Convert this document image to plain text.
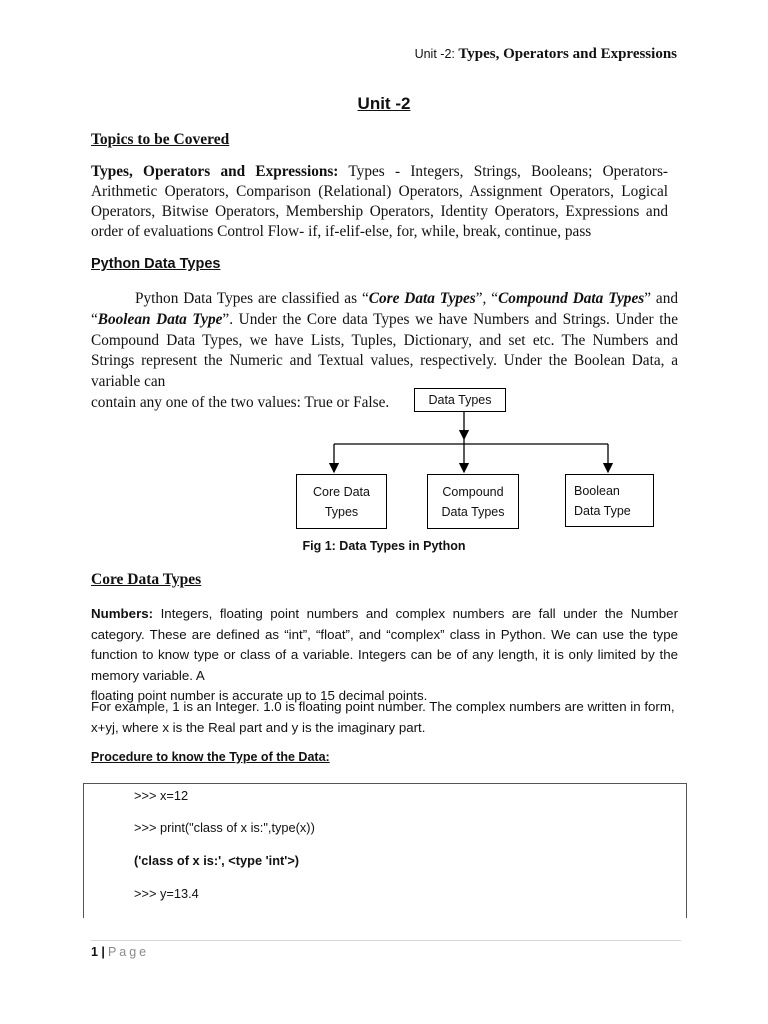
Unit -2: Types, Operators and Expressions
Unit -2
Topics to be Covered
Types, Operators and Expressions: Types - Integers, Strings, Booleans; Operators- Arithmetic Operators, Comparison (Relational) Operators, Assignment Operators, Logical Operators, Bitwise Operators, Membership Operators, Identity Operators, Expressions and order of evaluations Control Flow- if, if-elif-else, for, while, break, continue, pass
Python Data Types
Python Data Types are classified as “Core Data Types”, “Compound Data Types” and “Boolean Data Type”. Under the Core data Types we have Numbers and Strings. Under the Compound Data Types, we have Lists, Tuples, Dictionary, and set etc. The Numbers and Strings represent the Numeric and Textual values, respectively. Under the Boolean Data, a variable can
contain any one of the two values: True or False.	Data Types
Core Data
Types
Compound
Data Types
Boolean
Data Type
Fig 1: Data Types in Python
Core Data Types
Numbers: Integers, floating point numbers and complex numbers are fall under the Number category. These are defined as “int”, “float”, and “complex” class in Python. We can use the type function to know type or class of a variable. Integers can be of any length, it is only limited by the memory variable. A
floating point number is accurate up to 15 decimal points.
For example, 1 is an Integer. 1.0 is floating point number. The complex numbers are written in form,
x+yj, where x is the Real part and y is the imaginary part.
Procedure to know the Type of the Data:
>>> x=12
>>> print("class of x is:",type(x))
('class of x is:', <type 'int'>)
>>> y=13.4
1 | Page
